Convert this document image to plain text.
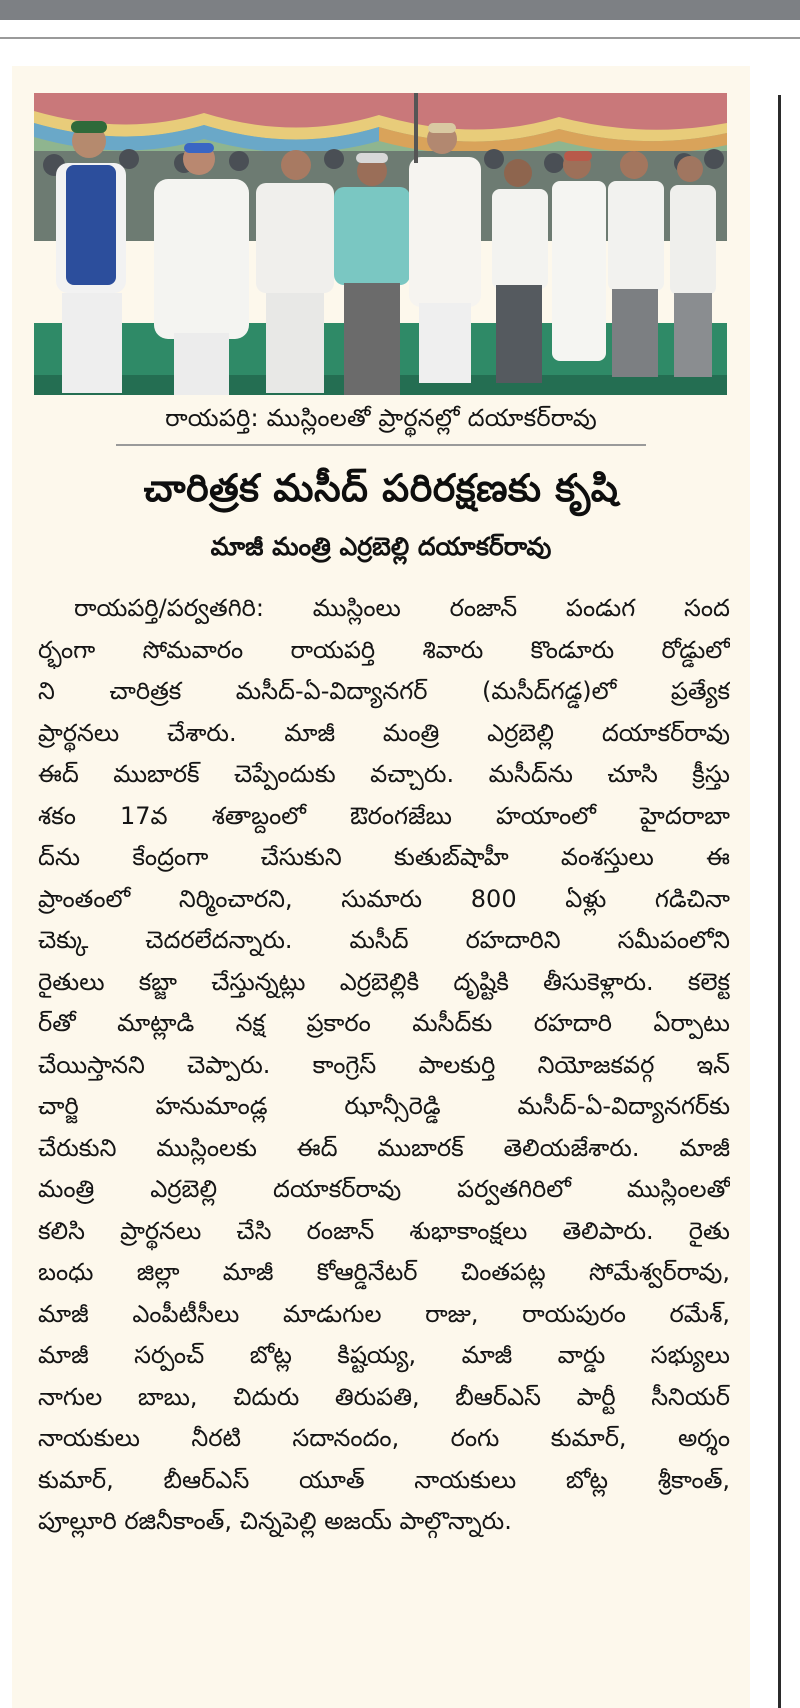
రాయపర్తి: ముస్లింలతో ప్రార్థనల్లో దయాకర్‌రావు
చారిత్రక మసీద్ పరిరక్షణకు కృషి
మాజీ మంత్రి ఎర్రబెల్లి దయాకర్‌రావు
రాయపర్తి/పర్వతగిరి: ముస్లింలు రంజాన్ పండుగ సంద
ర్భంగా సోమవారం రాయపర్తి శివారు కొండూరు రోడ్డులో
ని చారిత్రక మసీద్-ఏ-విద్యానగర్ (మసీద్‌గడ్డ)లో ప్రత్యేక
ప్రార్థనలు చేశారు. మాజీ మంత్రి ఎర్రబెల్లి దయాకర్‌రావు
ఈద్ ముబారక్ చెప్పేందుకు వచ్చారు. మసీద్‌ను చూసి క్రీస్తు
శకం 17వ శతాబ్దంలో ఔరంగజేబు హయాంలో హైదరాబా
ద్‌ను కేంద్రంగా చేసుకుని కుతుబ్‌షాహీ వంశస్తులు ఈ
ప్రాంతంలో నిర్మించారని, సుమారు 800 ఏళ్లు గడిచినా
చెక్కు చెదరలేదన్నారు. మసీద్ రహదారిని సమీపంలోని
రైతులు కబ్జా చేస్తున్నట్లు ఎర్రబెల్లికి దృష్టికి తీసుకెళ్లారు. కలెక్ట
ర్‌తో మాట్లాడి నక్ష ప్రకారం మసీద్‌కు రహదారి ఏర్పాటు
చేయిస్తానని చెప్పారు. కాంగ్రెస్ పాలకుర్తి నియోజకవర్గ ఇన్
చార్జి హనుమాండ్ల ఝాన్సీరెడ్డి మసీద్-ఏ-విద్యానగర్‌కు
చేరుకుని ముస్లింలకు ఈద్ ముబారక్ తెలియజేశారు. మాజీ
మంత్రి ఎర్రబెల్లి దయాకర్‌రావు పర్వతగిరిలో ముస్లింలతో
కలిసి ప్రార్థనలు చేసి రంజాన్ శుభాకాంక్షలు తెలిపారు. రైతు
బంధు జిల్లా మాజీ కోఆర్డినేటర్ చింతపట్ల సోమేశ్వర్‌రావు,
మాజీ ఎంపీటీసీలు మాడుగుల రాజు, రాయపురం రమేశ్,
మాజీ సర్పంచ్ బోట్ల కిష్టయ్య, మాజీ వార్డు సభ్యులు
నాగుల బాబు, చిదురు తిరుపతి, బీఆర్ఎస్ పార్టీ సీనియర్
నాయకులు నీరటి సదానందం, రంగు కుమార్, అర్శం
కుమార్, బీఆర్ఎస్ యూత్ నాయకులు బోట్ల శ్రీకాంత్,
పూల్లూరి రజినీకాంత్, చిన్నపెల్లి అజయ్ పాల్గొన్నారు.
